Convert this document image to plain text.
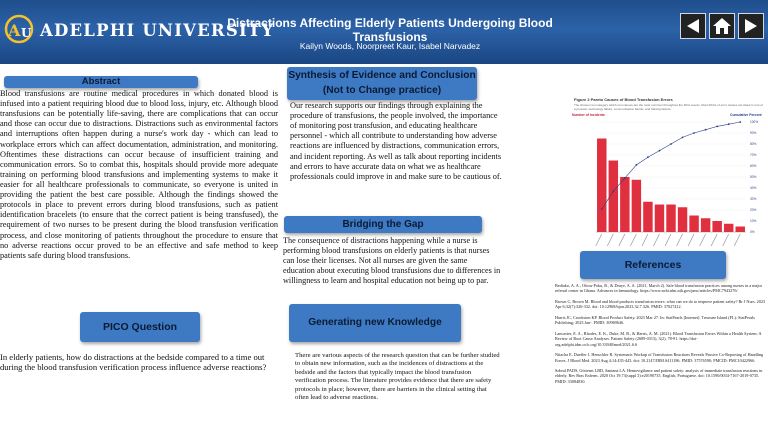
A U ADELPHI UNIVERSITY
Distractions Affecting Elderly Patients Undergoing Blood Transfusions
Kailyn Woods, Noorpreet Kaur, Isabel Narvadez
Abstract
Blood transfusions are routine medical procedures in which donated blood is infused into a patient requiring blood due to blood loss, injury, etc. Although blood transfusions can be potentially life-saving, there are complications that can occur and those can occur due to distractions. Distractions such as environmental factors and interruptions often happen during a nurse's work day - which can lead to workplace errors which can affect documentation, administration, and monitoring. Oftentimes these distractions can occur because of insufficient training and communication errors. So to combat this, hospitals should provide more adequate training on performing blood transfusions and implementing systems to make it easier for all healthcare professionals to communicate, so everyone is united in providing the patient the best care possible. Although the findings showed the protocols in place to prevent errors during blood transfusions, such as patient identification bracelets (to ensure that the correct patient is being transfused), the requirement of two nurses to be present during the blood transfusion verification process, and close monitoring of patients throughout the procedure to ensure that no adverse reactions occur proved to be an effective and safe method to keep patients safe during blood transfusions.
PICO Question
In elderly patients, how do distractions at the bedside compared to a time out during the blood transfusion verification process influence adverse reactions?
Synthesis of Evidence and Conclusion (Not to Change practice)
Our research supports our findings through explaining the procedure of transfusions, the people involved, the importance of monitoring post transfusion, and educating healthcare personnel - which all contribute to understanding how adverse reactions are influenced by distractions, communication errors, and incident reporting. As well as talk about reporting incidents and errors to have accurate data on what we as healthcare professionals could improve in and make sure to be cautious of.
Bridging the Gap
The consequence of distractions happening while a nurse is performing blood transfusions on elderly patients is that nurses can lose their licenses. Not all nurses are given the same education about executing blood transfusions due to differences in willingness to learn and hospital education not being up to par.
Generating new Knowledge
There are various aspects of the research question that can be further studied to obtain new information, such as the incidences of distractions at the bedside and the factors that typically impact the blood transfusion verification process. The literature provides evidence that there are safety protocols in place; however, there are barriers in the clinical setting that often lead to adverse reactions.
Figure 2 Pareto Causes of Blood Transfusion Errors
The chosen root category which root causes are the most common throughout the RCA events. Most RCAs of error causes are listed in root of a process, technology failure, communication barrier, and training factors.
Number of Incidents	Cumulative Percent
100%
90%
80%
70%
60%
50%
40%
30%
20%
10%
0%
34
26
20
19
11
10 10
9
6
5
4
3
2
References

Bediako, A. A., Ofosu-Poku, R., & Druye, A. A. (2021, March 2). Safe blood transfusion practices among nurses in a major referral center in Ghana. Advances in hematology. https://www.ncbi.nlm.nih.gov/pmc/articles/PMC7943276/

Brown C, Brown M. Blood and blood products transfusion errors: what can we do to improve patient safety? Br J Nurs. 2023 Apr 6;32(7):326-332. doi: 10.12968/bjon.2023.32.7.326. PMID: 37027412.

Harris JC, Crookston KP. Blood Product Safety. 2023 Mar 27. In: StatPearls [Internet]. Treasure Island (FL): StatPearls Publishing; 2023 Jan-. PMID: 30969646.

Lancaster, E. A., Rhodes, E. K., Duke, M. B., & Harris, A. M. (2021). Blood Transfusion Errors Within a Health System: A Review of Root Cause Analyses. Patient Safety (2689-0313), 3(2), 78-91. https://doi-org.adelphi.idm.oclc.org/10.33940/med/2021.6.6

Ntiacha E, Dueffer J, Henschler R. Systematic Workup of Transfusion Reactions Reveals Passive Co-Reporting of Handling Errors. J Blood Med. 2023 Aug 4;14:435-443. doi: 10.2147/JBM.S411186. PMID: 37576590; PMCID: PMC10422966.

Sobral PADS, Göttems LBD, Santana LA. Hemovigilance and patient safety: analysis of immediate transfusion reactions in elderly. Rev Bras Enferm. 2020 Oct 19;73(suppl 3):e20190735. English, Portuguese. doi: 10.1590/0034-7167-2019-0735. PMID: 33084830.
